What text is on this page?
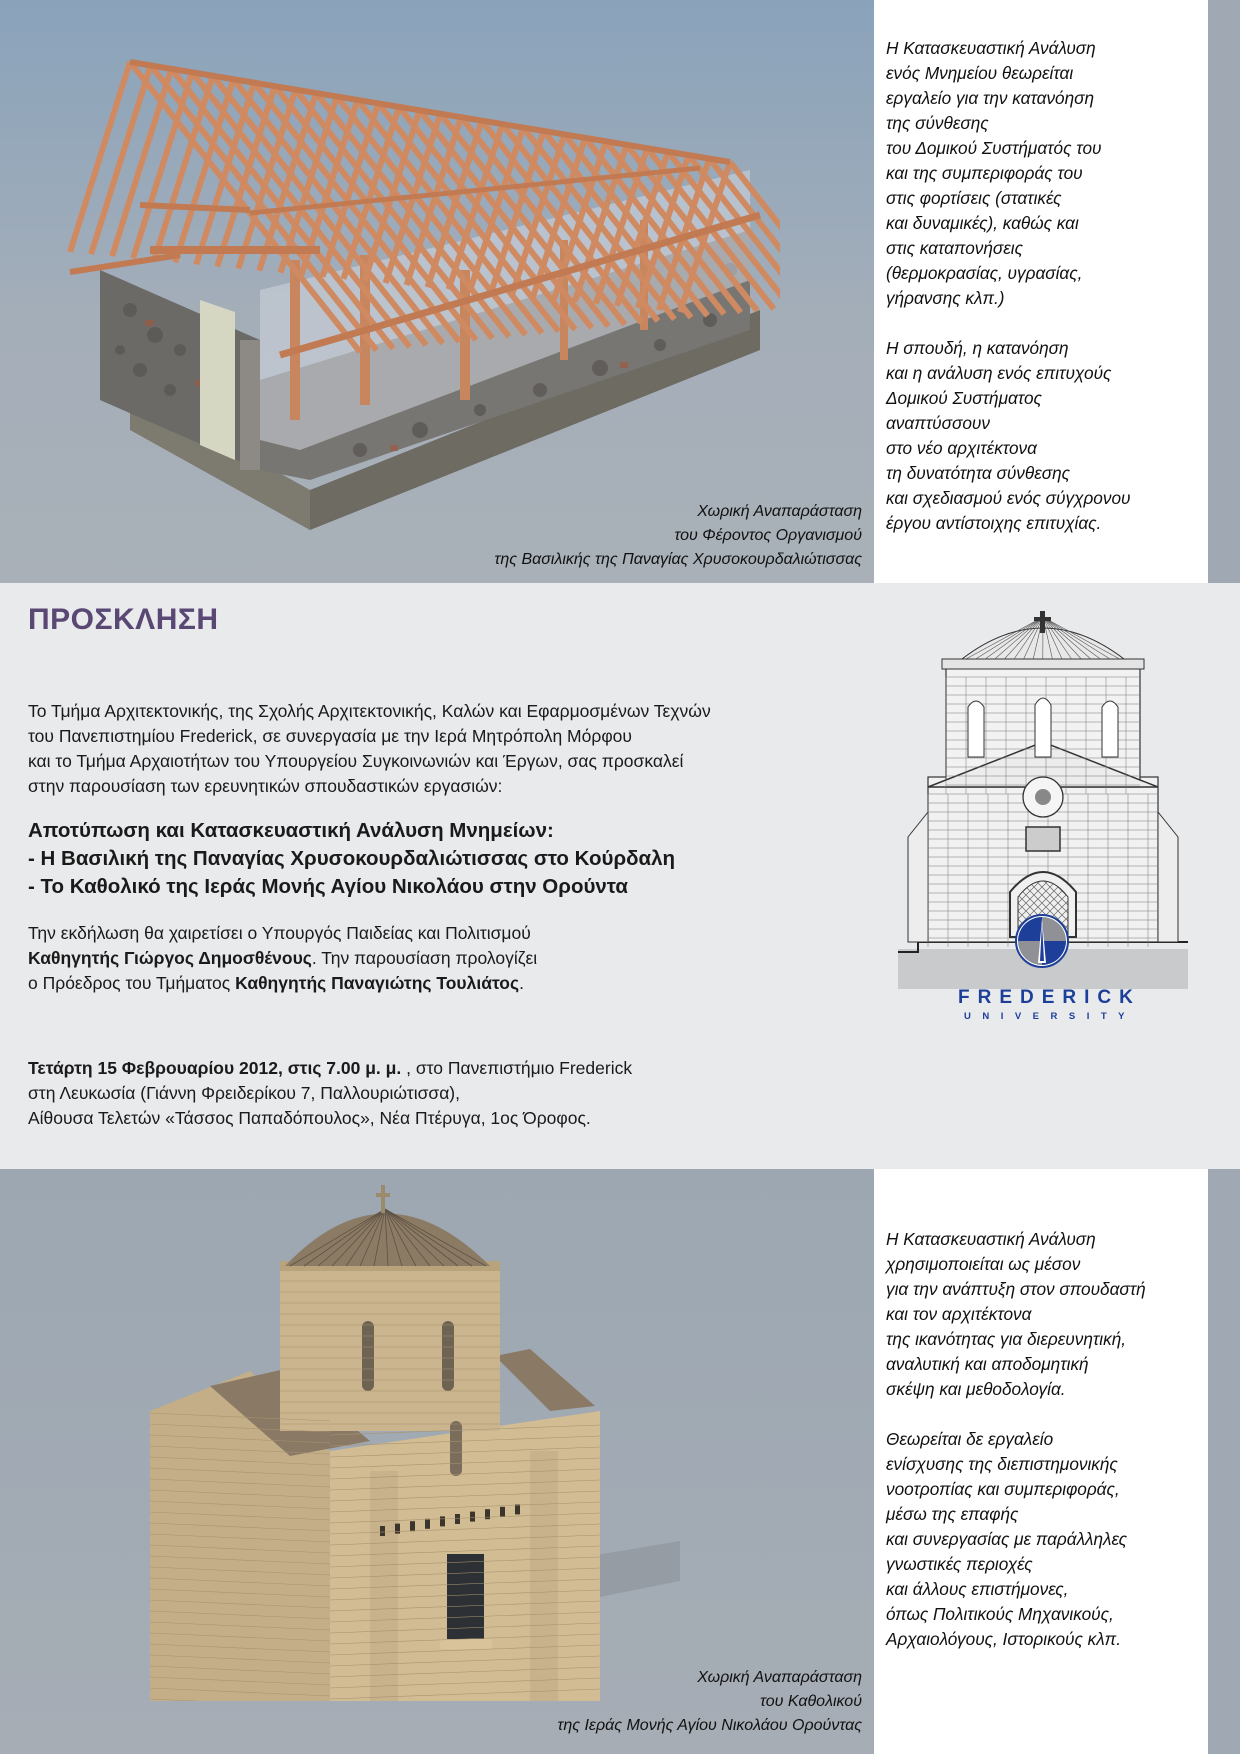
Χωρική Αναπαράσταση
του Φέροντος Οργανισμού
της Βασιλικής της Παναγίας Χρυσοκουρδαλιώτισσας
Η Κατασκευαστική Ανάλυση
ενός Μνημείου θεωρείται
εργαλείο για την κατανόηση
της σύνθεσης
του Δομικού Συστήματός του
και της συμπεριφοράς του
στις φορτίσεις (στατικές
και δυναμικές), καθώς και
στις καταπονήσεις
(θερμοκρασίας, υγρασίας,
γήρανσης κλπ.)
Η σπουδή, η κατανόηση
και η ανάλυση ενός επιτυχούς
Δομικού Συστήματος
αναπτύσσουν
στο νέο αρχιτέκτονα
τη δυνατότητα σύνθεσης
και σχεδιασμού ενός σύγχρονου
έργου αντίστοιχης επιτυχίας.
ΠΡΟΣΚΛΗΣΗ
Το Τμήμα Αρχιτεκτονικής, της Σχολής Αρχιτεκτονικής, Καλών και Εφαρμοσμένων Τεχνών
του Πανεπιστημίου Frederick, σε συνεργασία με την Ιερά Μητρόπολη Μόρφου
και το Τμήμα Αρχαιοτήτων του Υπουργείου Συγκοινωνιών και Έργων, σας προσκαλεί
στην παρουσίαση των ερευνητικών σπουδαστικών εργασιών:
Αποτύπωση και Κατασκευαστική Ανάλυση Μνημείων:
- Η Βασιλική της Παναγίας Χρυσοκουρδαλιώτισσας στο Κούρδαλη
- Το Καθολικό της Ιεράς Μονής Αγίου Νικολάου στην Ορούντα
Την εκδήλωση θα χαιρετίσει ο Υπουργός Παιδείας και Πολιτισμού
Καθηγητής Γιώργος Δημοσθένους. Την παρουσίαση προλογίζει
ο Πρόεδρος του Τμήματος Καθηγητής Παναγιώτης Τουλιάτος.
Τετάρτη 15 Φεβρουαρίου 2012, στις 7.00 μ. μ. , στο Πανεπιστήμιο Frederick
στη Λευκωσία (Γιάννη Φρειδερίκου 7, Παλλουριώτισσα),
Αίθουσα Τελετών «Τάσσος Παπαδόπουλος», Νέα Πτέρυγα, 1ος Όροφος.
FREDERICK
UNIVERSITY
Χωρική Αναπαράσταση
του Καθολικού
της Ιεράς Μονής Αγίου Νικολάου Ορούντας
Η Κατασκευαστική Ανάλυση
χρησιμοποιείται ως μέσον
για την ανάπτυξη στον σπουδαστή
και τον αρχιτέκτονα
της ικανότητας για διερευνητική,
αναλυτική και αποδομητική
σκέψη και μεθοδολογία.
Θεωρείται δε εργαλείο
ενίσχυσης της διεπιστημονικής
νοοτροπίας και συμπεριφοράς,
μέσω της επαφής
και συνεργασίας με παράλληλες
γνωστικές περιοχές
και άλλους επιστήμονες,
όπως Πολιτικούς Μηχανικούς,
Αρχαιολόγους, Ιστορικούς κλπ.
